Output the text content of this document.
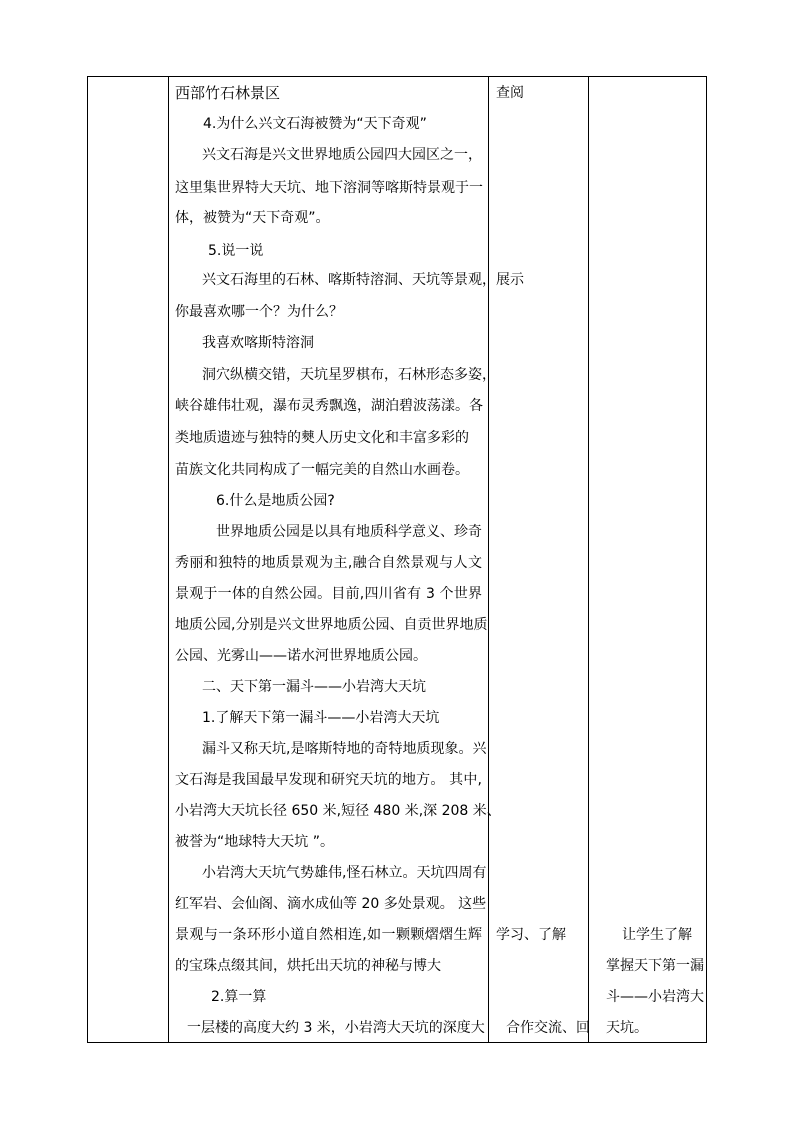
西部竹石林景区
4.为什么兴文石海被赞为“天下奇观”
兴文石海是兴文世界地质公园四大园区之一，
这里集世界特大天坑、地下溶洞等喀斯特景观于一
体，被赞为“天下奇观”。
5.说一说
兴文石海里的石林、喀斯特溶洞、天坑等景观，
你最喜欢哪一个？为什么？
我喜欢喀斯特溶洞
洞穴纵横交错，天坑星罗棋布，石林形态多姿，
峡谷雄伟壮观，瀑布灵秀飘逸，湖泊碧波荡漾。各
类地质遗迹与独特的僰人历史文化和丰富多彩的
苗族文化共同构成了一幅完美的自然山水画卷。
6.什么是地质公园?
世界地质公园是以具有地质科学意义、珍奇
秀丽和独特的地质景观为主,融合自然景观与人文
景观于一体的自然公园。目前,四川省有 3 个世界
地质公园,分别是兴文世界地质公园、自贡世界地质
公园、光雾山——诺水河世界地质公园。
二、天下第一漏斗——小岩湾大天坑
1.了解天下第一漏斗——小岩湾大天坑
漏斗又称天坑,是喀斯特地的奇特地质现象。兴
文石海是我国最早发现和研究天坑的地方。 其中,
小岩湾大天坑长径 650 米,短径 480 米,深 208 米、
被誉为“地球特大天坑 ”。
小岩湾大天坑气势雄伟,怪石林立。天坑四周有
红军岩、会仙阁、滴水成仙等 20 多处景观。 这些
景观与一条环形小道自然相连,如一颗颗熠熠生辉
的宝珠点缀其间，烘托出天坑的神秘与博大
2.算一算
一层楼的高度大约 3 米，小岩湾大天坑的深度大
查阅
展示
学习、了解
合作交流、回
让学生了解
掌握天下第一漏
斗——小岩湾大
天坑。
